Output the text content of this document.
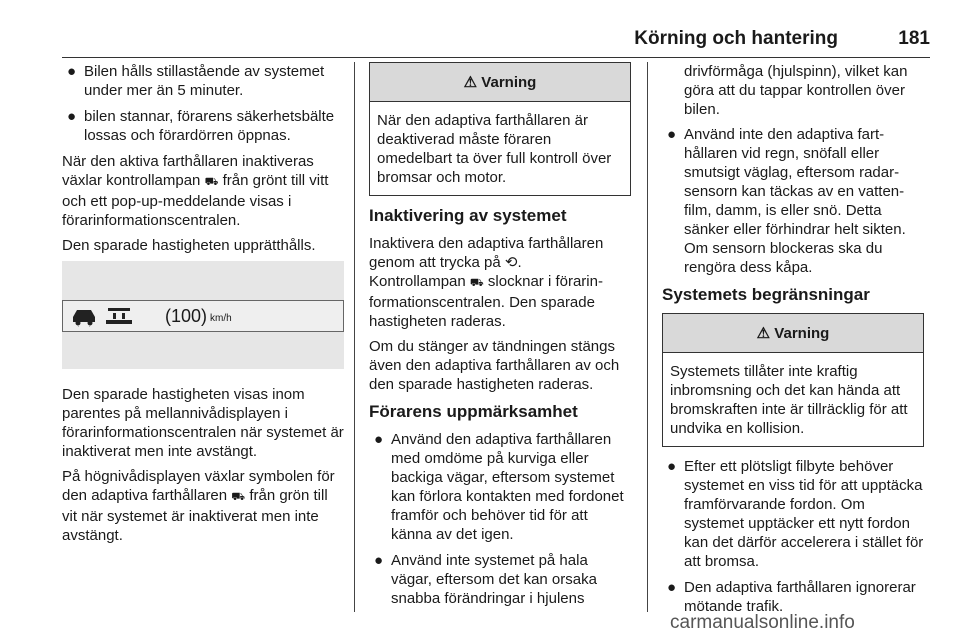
Körning och hantering	181
● Bilen hålls stillastående av systemet under mer än 5 minuter.
● bilen stannar, förarens säkerhetsbälte lossas och förardörren öppnas.

När den aktiva farthållaren inaktiveras växlar kontrollampan ⛟ från grönt till vitt och ett pop-up-meddelande visas i förarinformationscentralen.

Den sparade hastigheten upprätthålls.

(100) km/h

Den sparade hastigheten visas inom parentes på mellannivådisplayen i förarinformationscentralen när systemet är inaktiverat men inte avstängt.

På högnivådisplayen växlar symbolen för den adaptiva farthållaren ⛟ från grön till vit när systemet är inaktiverat men inte avstängt.

⚠
Varning
När den adaptiva farthållaren är deaktiverad måste föraren omedelbart ta över full kontroll över bromsar och motor.
Inaktivering av systemet

Inaktivera den adaptiva farthållaren genom att trycka på ⟲.
Kontrollampan ⛟ slocknar i förarinformationscentralen. Den sparade hastigheten raderas.

Om du stänger av tändningen stängs även den adaptiva farthållaren av och den sparade hastigheten raderas.

Förarens uppmärksamhet
● Använd den adaptiva farthållaren med omdöme på kurviga eller backiga vägar, eftersom systemet kan förlora kontakten med fordonet framför och behöver tid för att känna av det igen.
● Använd inte systemet på hala vägar, eftersom det kan orsaka snabba förändringar i hjulens

drivförmåga (hjulspinn), vilket kan göra att du tappar kontrollen över bilen.

● Använd inte den adaptiva farthållaren vid regn, snöfall eller smutsigt väglag, eftersom radarsensorn kan täckas av en vattenfilm, damm, is eller snö. Detta sänker eller förhindrar helt sikten. Om sensorn blockeras ska du rengöra dess kåpa.
Systemets begränsningar
⚠
Varning
Systemets tillåter inte kraftig inbromsning och det kan hända att bromskraften inte är tillräcklig för att undvika en kollision.
● Efter ett plötsligt filbyte behöver systemet en viss tid för att upptäcka framförvarande fordon. Om systemet upptäcker ett nytt fordon kan det därför accelerera i stället för att bromsa.
● Den adaptiva farthållaren ignorerar mötande trafik.
carmanualsonline.info
